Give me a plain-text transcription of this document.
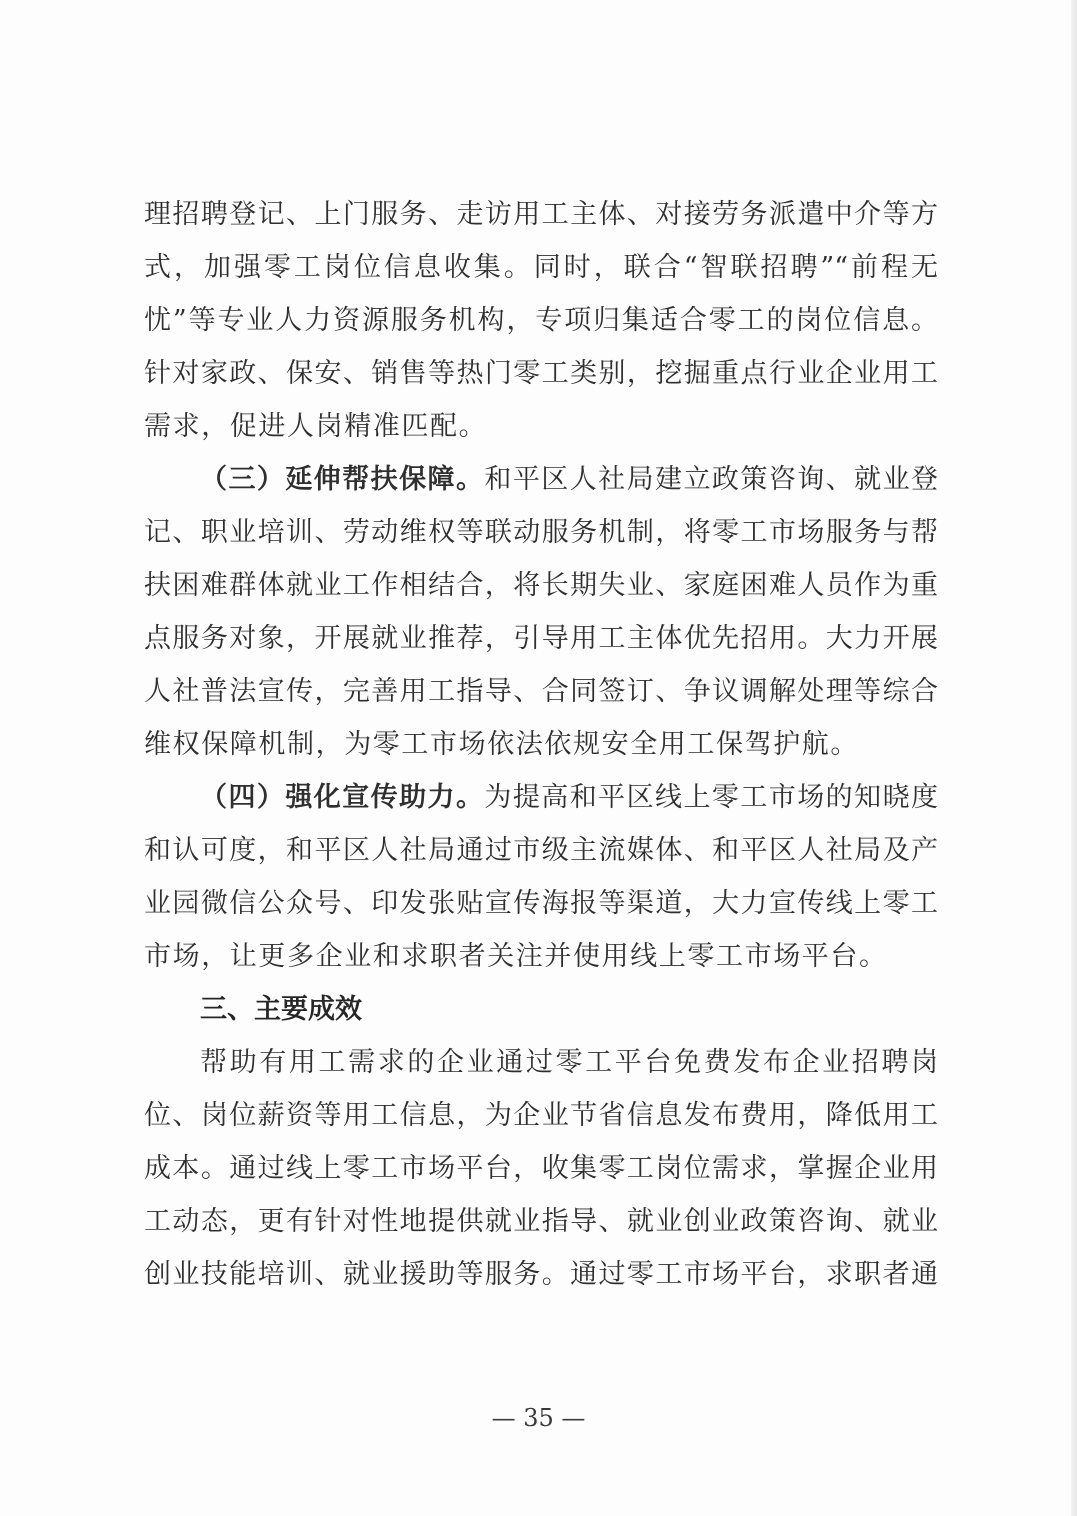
理招聘登记、上门服务、走访用工主体、对接劳务派遣中介等方
式，加强零工岗位信息收集。同时，联合“智联招聘”“前程无
忧”等专业人力资源服务机构，专项归集适合零工的岗位信息。
针对家政、保安、销售等热门零工类别，挖掘重点行业企业用工
需求，促进人岗精准匹配。
（三）延伸帮扶保障。和平区人社局建立政策咨询、就业登
记、职业培训、劳动维权等联动服务机制，将零工市场服务与帮
扶困难群体就业工作相结合，将长期失业、家庭困难人员作为重
点服务对象，开展就业推荐，引导用工主体优先招用。大力开展
人社普法宣传，完善用工指导、合同签订、争议调解处理等综合
维权保障机制，为零工市场依法依规安全用工保驾护航。
（四）强化宣传助力。为提高和平区线上零工市场的知晓度
和认可度，和平区人社局通过市级主流媒体、和平区人社局及产
业园微信公众号、印发张贴宣传海报等渠道，大力宣传线上零工
市场，让更多企业和求职者关注并使用线上零工市场平台。
三、主要成效
帮助有用工需求的企业通过零工平台免费发布企业招聘岗
位、岗位薪资等用工信息，为企业节省信息发布费用，降低用工
成本。通过线上零工市场平台，收集零工岗位需求，掌握企业用
工动态，更有针对性地提供就业指导、就业创业政策咨询、就业
创业技能培训、就业援助等服务。通过零工市场平台，求职者通
— 35 —
